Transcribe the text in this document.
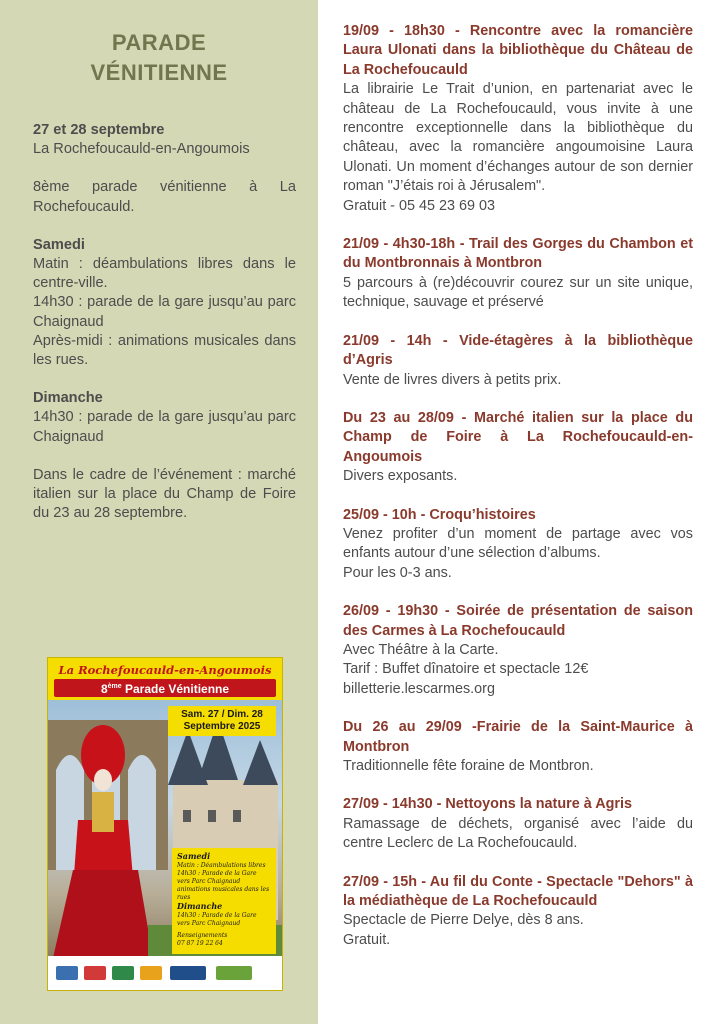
PARADE
VÉNITIENNE
27 et 28 septembre
La Rochefoucauld-en-Angoumois

8ème parade vénitienne à La Rochefoucauld.

Samedi

Matin : déambulations libres dans le centre-ville.

14h30 : parade de la gare jusqu’au parc Chaignaud

Après-midi : animations musicales dans les rues.

Dimanche

14h30 : parade de la gare jusqu’au parc Chaignaud

Dans le cadre de l’événement : marché italien sur la place du Champ de Foire du 23 au 28 septembre.

La Rochefoucauld-en-Angoumois
8ème Parade Vénitienne
Sam. 27 / Dim. 28
Septembre 2025
Samedi
Matin : Déambulations libres
14h30 : Parade de la Gare vers Parc Chaignaud
animations musicales dans les rues
Dimanche
14h30 : Parade de la Gare vers Parc Chaignaud
Renseignements
07 87 19 22 64
19/09 - 18h30 - Rencontre avec la romancière Laura Ulonati dans la bibliothèque du Château de La Rochefoucauld
La librairie Le Trait d’union, en partenariat avec le château de La Rochefoucauld, vous invite à une rencontre exceptionnelle dans la bibliothèque du château, avec la romancière angoumoisine Laura Ulonati. Un moment d’échanges autour de son dernier roman "J’étais roi à Jérusalem".
Gratuit - 05 45 23 69 03
21/09 - 4h30-18h - Trail des Gorges du Chambon et du Montbronnais à Montbron
5 parcours à (re)découvrir courez sur un site unique, technique, sauvage et préservé
21/09 - 14h - Vide-étagères à la bibliothèque d’Agris
Vente de livres divers à petits prix.
Du 23 au 28/09 - Marché italien sur la place du Champ de Foire à La Rochefoucauld-en-Angoumois
Divers exposants.
25/09 - 10h - Croqu’histoires
Venez profiter d’un moment de partage avec vos enfants autour d’une sélection d’albums.
Pour les 0-3 ans.
26/09 - 19h30 - Soirée de présentation de saison des Carmes à La Rochefoucauld
Avec Théâtre à la Carte.
Tarif : Buffet dînatoire et spectacle 12€
billetterie.lescarmes.org
Du 26 au 29/09 -Frairie de la Saint-Maurice à Montbron
Traditionnelle fête foraine de Montbron.
27/09 - 14h30 - Nettoyons la nature à Agris
Ramassage de déchets, organisé avec l’aide du centre Leclerc de La Rochefoucauld.
27/09 - 15h - Au fil du Conte - Spectacle "Dehors" à la médiathèque de La Rochefoucauld
Spectacle de Pierre Delye, dès 8 ans.
Gratuit.
